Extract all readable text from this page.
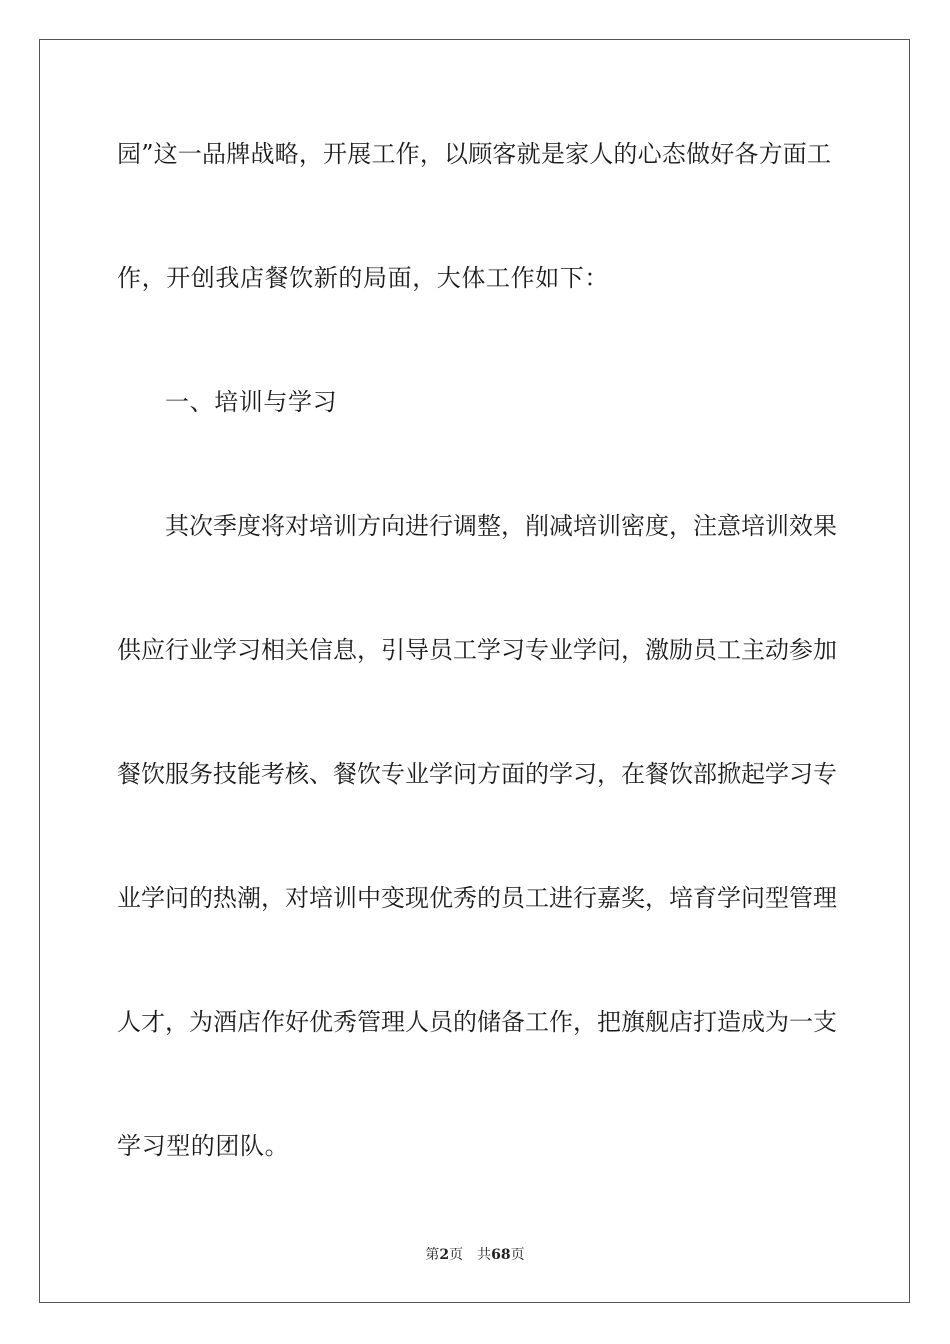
园”这一品牌战略，开展工作，以顾客就是家人的心态做好各方面工
作，开创我店餐饮新的局面，大体工作如下：
一、培训与学习
其次季度将对培训方向进行调整，削减培训密度，注意培训效果
供应行业学习相关信息，引导员工学习专业学问，激励员工主动参加
餐饮服务技能考核、餐饮专业学问方面的学习，在餐饮部掀起学习专
业学问的热潮，对培训中变现优秀的员工进行嘉奖，培育学问型管理
人才，为酒店作好优秀管理人员的储备工作，把旗舰店打造成为一支
学习型的团队。
第2页 共68页
